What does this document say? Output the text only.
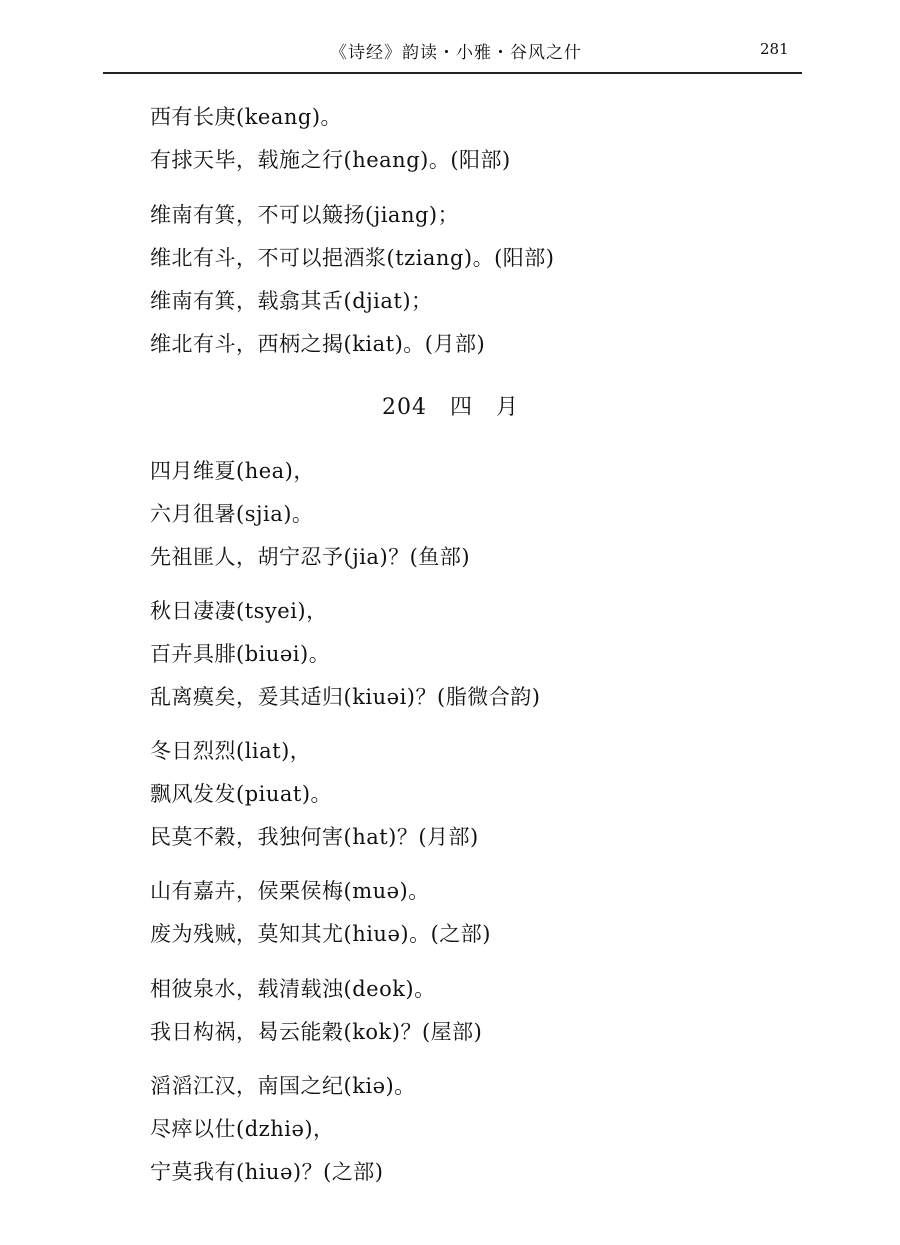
《诗经》韵读・小雅・谷风之什	281
西有长庚(keang)。
有捄天毕，载施之行(heang)。(阳部)
维南有箕，不可以簸扬(jiang)；
维北有斗，不可以挹酒浆(tziang)。(阳部)
维南有箕，载翕其舌(djiat)；
维北有斗，西柄之揭(kiat)。(月部)
204　四　月
四月维夏(hea)，
六月徂暑(sjia)。
先祖匪人，胡宁忍予(jia)？(鱼部)
秋日凄凄(tsyei)，
百卉具腓(biuəi)。
乱离瘼矣，爰其适归(kiuəi)？(脂微合韵)
冬日烈烈(liat)，
飘风发发(piuat)。
民莫不穀，我独何害(hat)？(月部)
山有嘉卉，侯栗侯梅(muə)。
废为残贼，莫知其尤(hiuə)。(之部)
相彼泉水，载清载浊(deok)。
我日构祸，曷云能穀(kok)？(屋部)
滔滔江汉，南国之纪(kiə)。
尽瘁以仕(dzhiə)，
宁莫我有(hiuə)？(之部)
